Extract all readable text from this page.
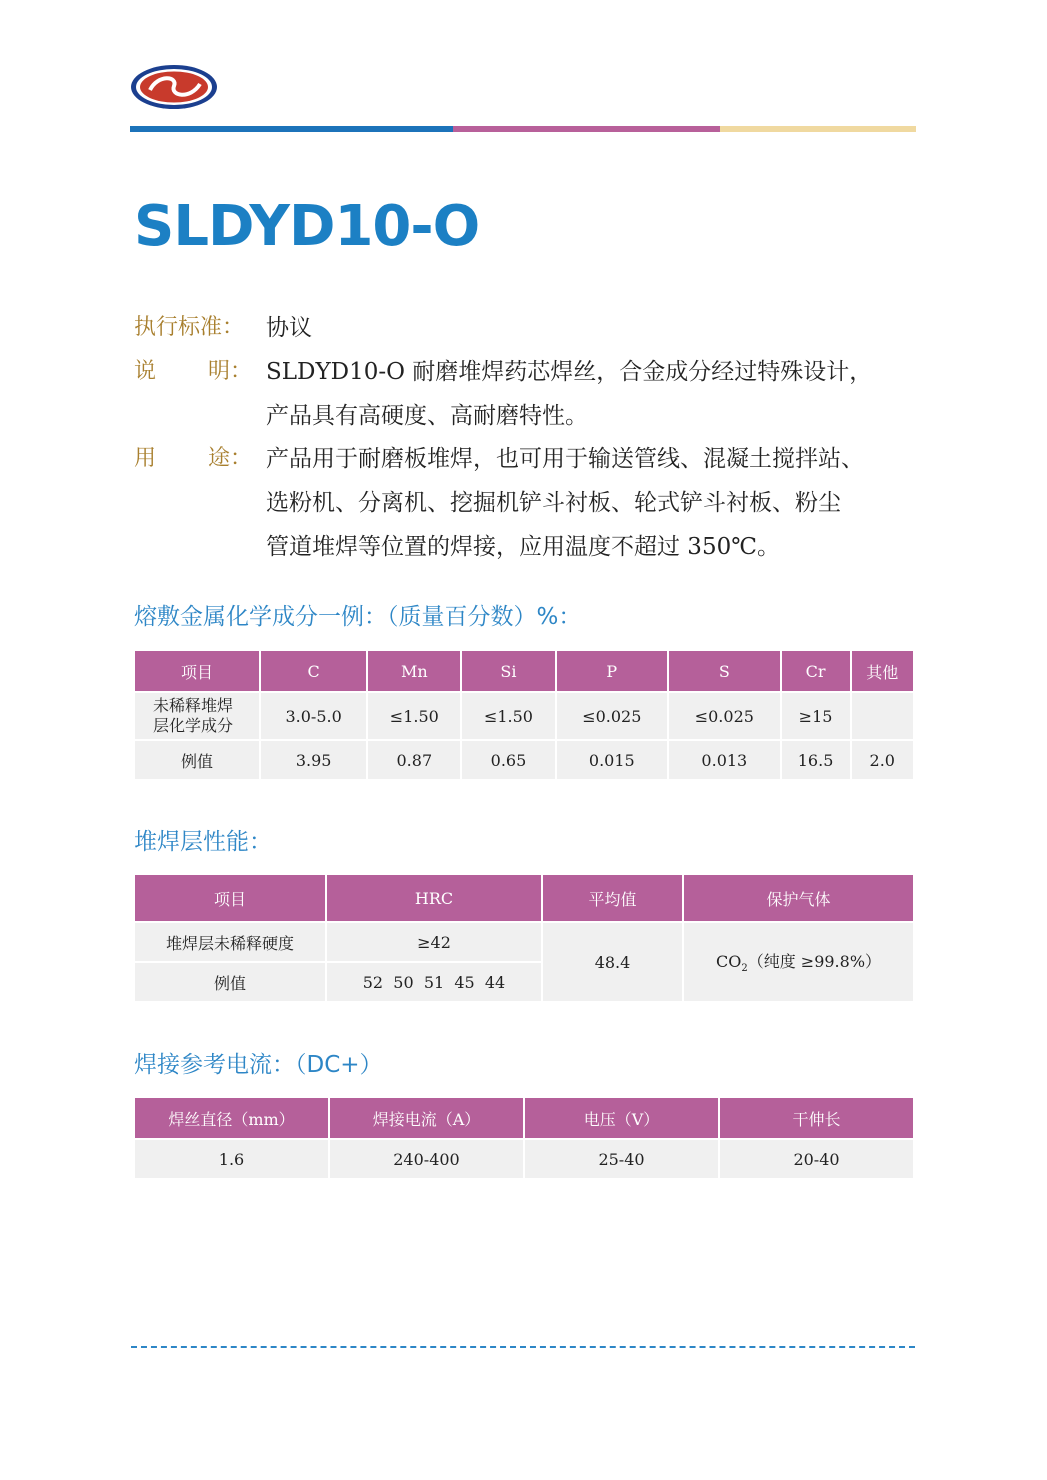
SLDYD10-O
执行标准： 协议
说 明： SLDYD10-O 耐磨堆焊药芯焊丝，合金成分经过特殊设计，
产品具有高硬度、高耐磨特性。
用 途： 产品用于耐磨板堆焊，也可用于输送管线、混凝土搅拌站、
选粉机、分离机、挖掘机铲斗衬板、轮式铲斗衬板、粉尘
管道堆焊等位置的焊接，应用温度不超过 350℃。
熔敷金属化学成分一例：（质量百分数）%：
项目	C	Mn	Si	P	S	Cr	其他

未稀释堆焊
层化学成分	3.0-5.0	≤1.50	≤1.50	≤0.025	≤0.025	≥15	
例值	3.95	0.87	0.65	0.015	0.013	16.5	2.0
堆焊层性能：
项目	HRC	平均值	保护气体
堆焊层未稀释硬度	≥42	48.4	$CO_2$（纯度 ≥99.8%）
例值	52  50  51  45  44		
焊接参考电流：（DC+）
焊丝直径（mm）	焊接电流（A）	电压（V）	干伸长
1.6	240-400	25-40	20-40
